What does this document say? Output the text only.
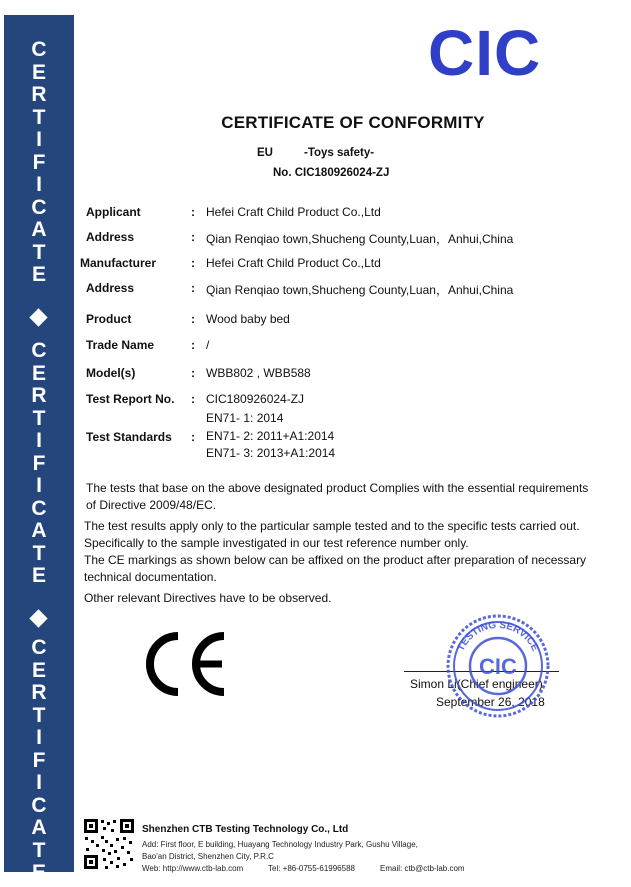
C
E
R
T
I
F
I
C
A
T
E
C
E
R
T
I
F
I
C
A
T
E
C
E
R
T
I
F
I
C
A
T
E
CIC
CERTIFICATE OF CONFORMITY
EU	-Toys safety-
No. CIC180926024-ZJ
Applicant	: Hefei Craft Child Product Co.,Ltd
Address	: Qian Renqiao town,Shucheng County,Luan，Anhui,China
Manufacturer	: Hefei Craft Child Product Co.,Ltd
Address	: Qian Renqiao town,Shucheng County,Luan，Anhui,China
Product	: Wood baby bed
Trade Name	: /
Model(s)	: WBB802 , WBB588
Test Report No. : CIC180926024-ZJ
Test Standards :
EN71- 1: 2014
EN71- 2: 2011+A1:2014
EN71- 3: 2013+A1:2014
The tests that base on the above designated product Complies with the essential requirements
of Directive 2009/48/EC.
The test results apply only to the particular sample tested and to the specific tests carried out.
Specifically to the sample investigated in our test reference number only.
The CE markings as shown below can be affixed on the product after preparation of necessary
technical documentation.
Other relevant Directives have to be observed.
Simon Li(Chief engineer)
September 26, 2018
TESTING SERVICE
CIC
Shenzhen CTB Testing Technology Co., Ltd
Add: First floor, E building, Huayang Technology Industry Park, Gushu Village,
Bao'an District, Shenzhen City, P.R.C
Web: http://www.ctb-lab.com	Tel: +86-0755-61996588	Email: ctb@ctb-lab.com
